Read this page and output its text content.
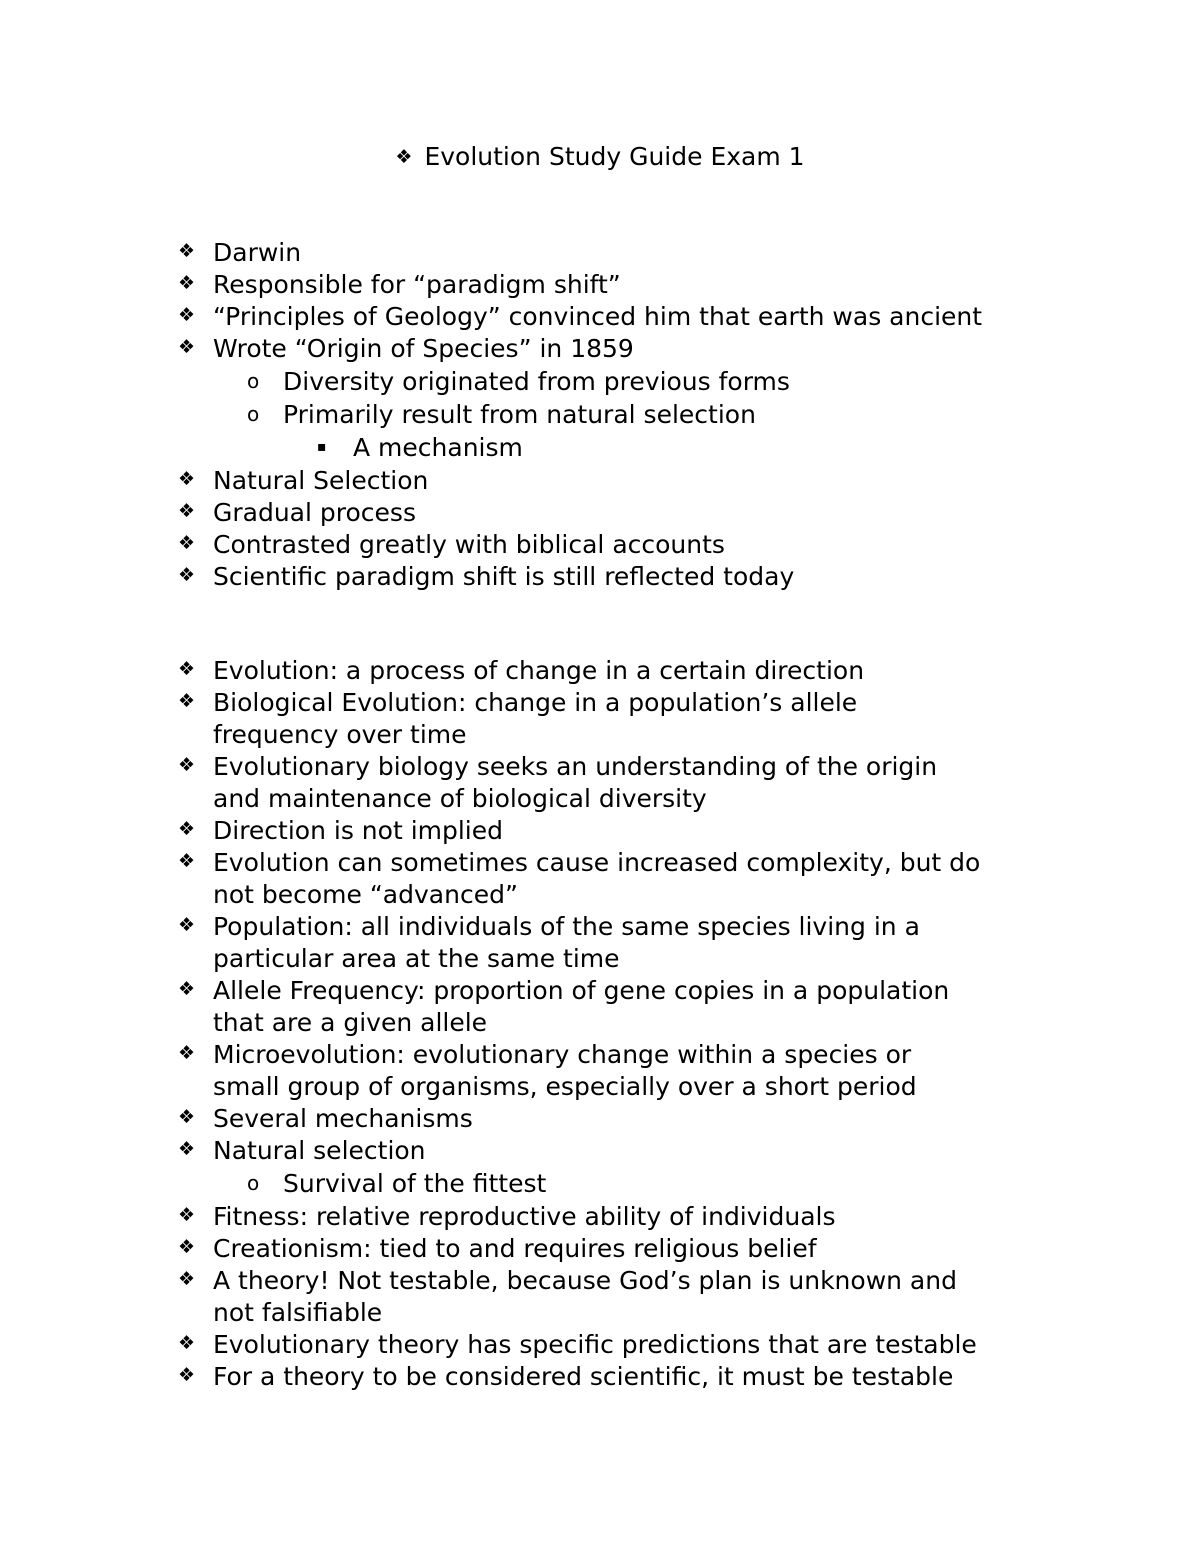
❖ Evolution Study Guide Exam 1
❖ Darwin
❖ Responsible for “paradigm shift”
❖ “Principles of Geology” convinced him that earth was ancient
❖ Wrote “Origin of Species” in 1859
o Diversity originated from previous forms
o Primarily result from natural selection
▪ A mechanism
❖ Natural Selection
❖ Gradual process
❖ Contrasted greatly with biblical accounts
❖ Scientific paradigm shift is still reflected today
❖ Evolution: a process of change in a certain direction
❖ Biological Evolution: change in a population’s allele
frequency over time
❖ Evolutionary biology seeks an understanding of the origin
and maintenance of biological diversity
❖ Direction is not implied
❖ Evolution can sometimes cause increased complexity, but do
not become “advanced”
❖ Population: all individuals of the same species living in a
particular area at the same time
❖ Allele Frequency: proportion of gene copies in a population
that are a given allele
❖ Microevolution: evolutionary change within a species or
small group of organisms, especially over a short period
❖ Several mechanisms
❖ Natural selection
o Survival of the fittest
❖ Fitness: relative reproductive ability of individuals
❖ Creationism: tied to and requires religious belief
❖ A theory! Not testable, because God’s plan is unknown and
not falsifiable
❖ Evolutionary theory has specific predictions that are testable
❖ For a theory to be considered scientific, it must be testable
